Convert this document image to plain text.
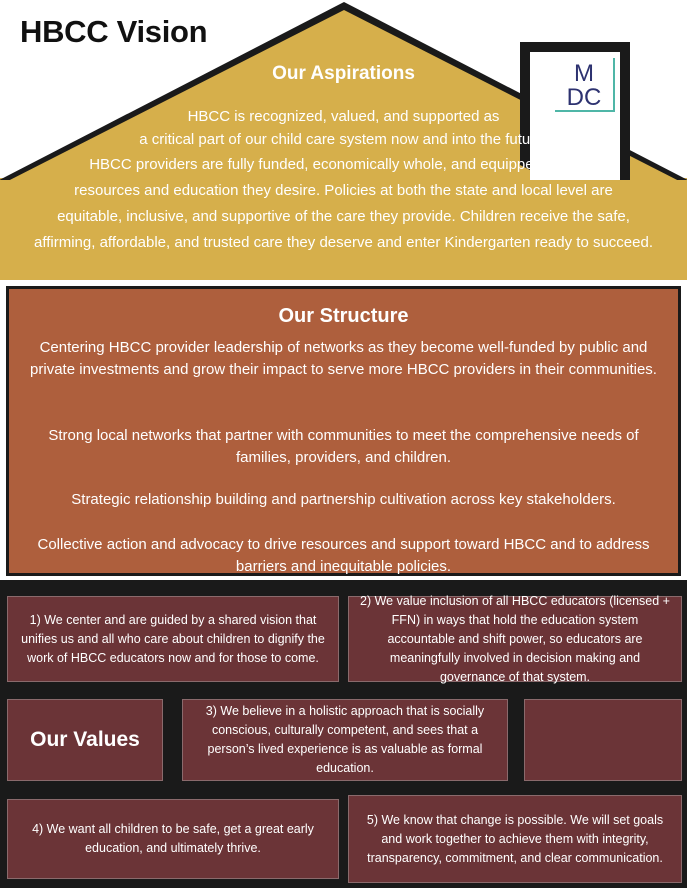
HBCC Vision
M
DC
Our Aspirations
HBCC is recognized, valued, and supported as
a critical part of our child care system now and into the future.
HBCC providers are fully funded, economically whole, and equipped with the
resources and education they desire. Policies at both the state and local level are
equitable, inclusive, and supportive of the care they provide. Children receive the safe,
affirming, affordable, and trusted care they deserve and enter Kindergarten ready to succeed.
Our Structure
Centering HBCC provider leadership of networks as they become well-funded by public and private investments and grow their impact to serve more HBCC providers in their communities.
Strong local networks that partner with communities to meet the comprehensive needs of families, providers, and children.
Strategic relationship building and partnership cultivation across key stakeholders.
Collective action and advocacy to drive resources and support toward HBCC and to address barriers and inequitable policies.
1) We center and are guided by a shared vision that unifies us and all who care about children to dignify the work of HBCC educators now and for those to come.
2) We value inclusion of all HBCC educators (licensed + FFN) in ways that hold the education system accountable and shift power, so educators are meaningfully involved in decision making and governance of that system.
Our Values
3) We believe in a holistic approach that is socially conscious, culturally competent, and sees that a person’s lived experience is as valuable as formal education.
4) We want all children to be safe, get a great early education, and ultimately thrive.
5) We know that change is possible. We will set goals and work together to achieve them with integrity, transparency, commitment, and clear communication.
